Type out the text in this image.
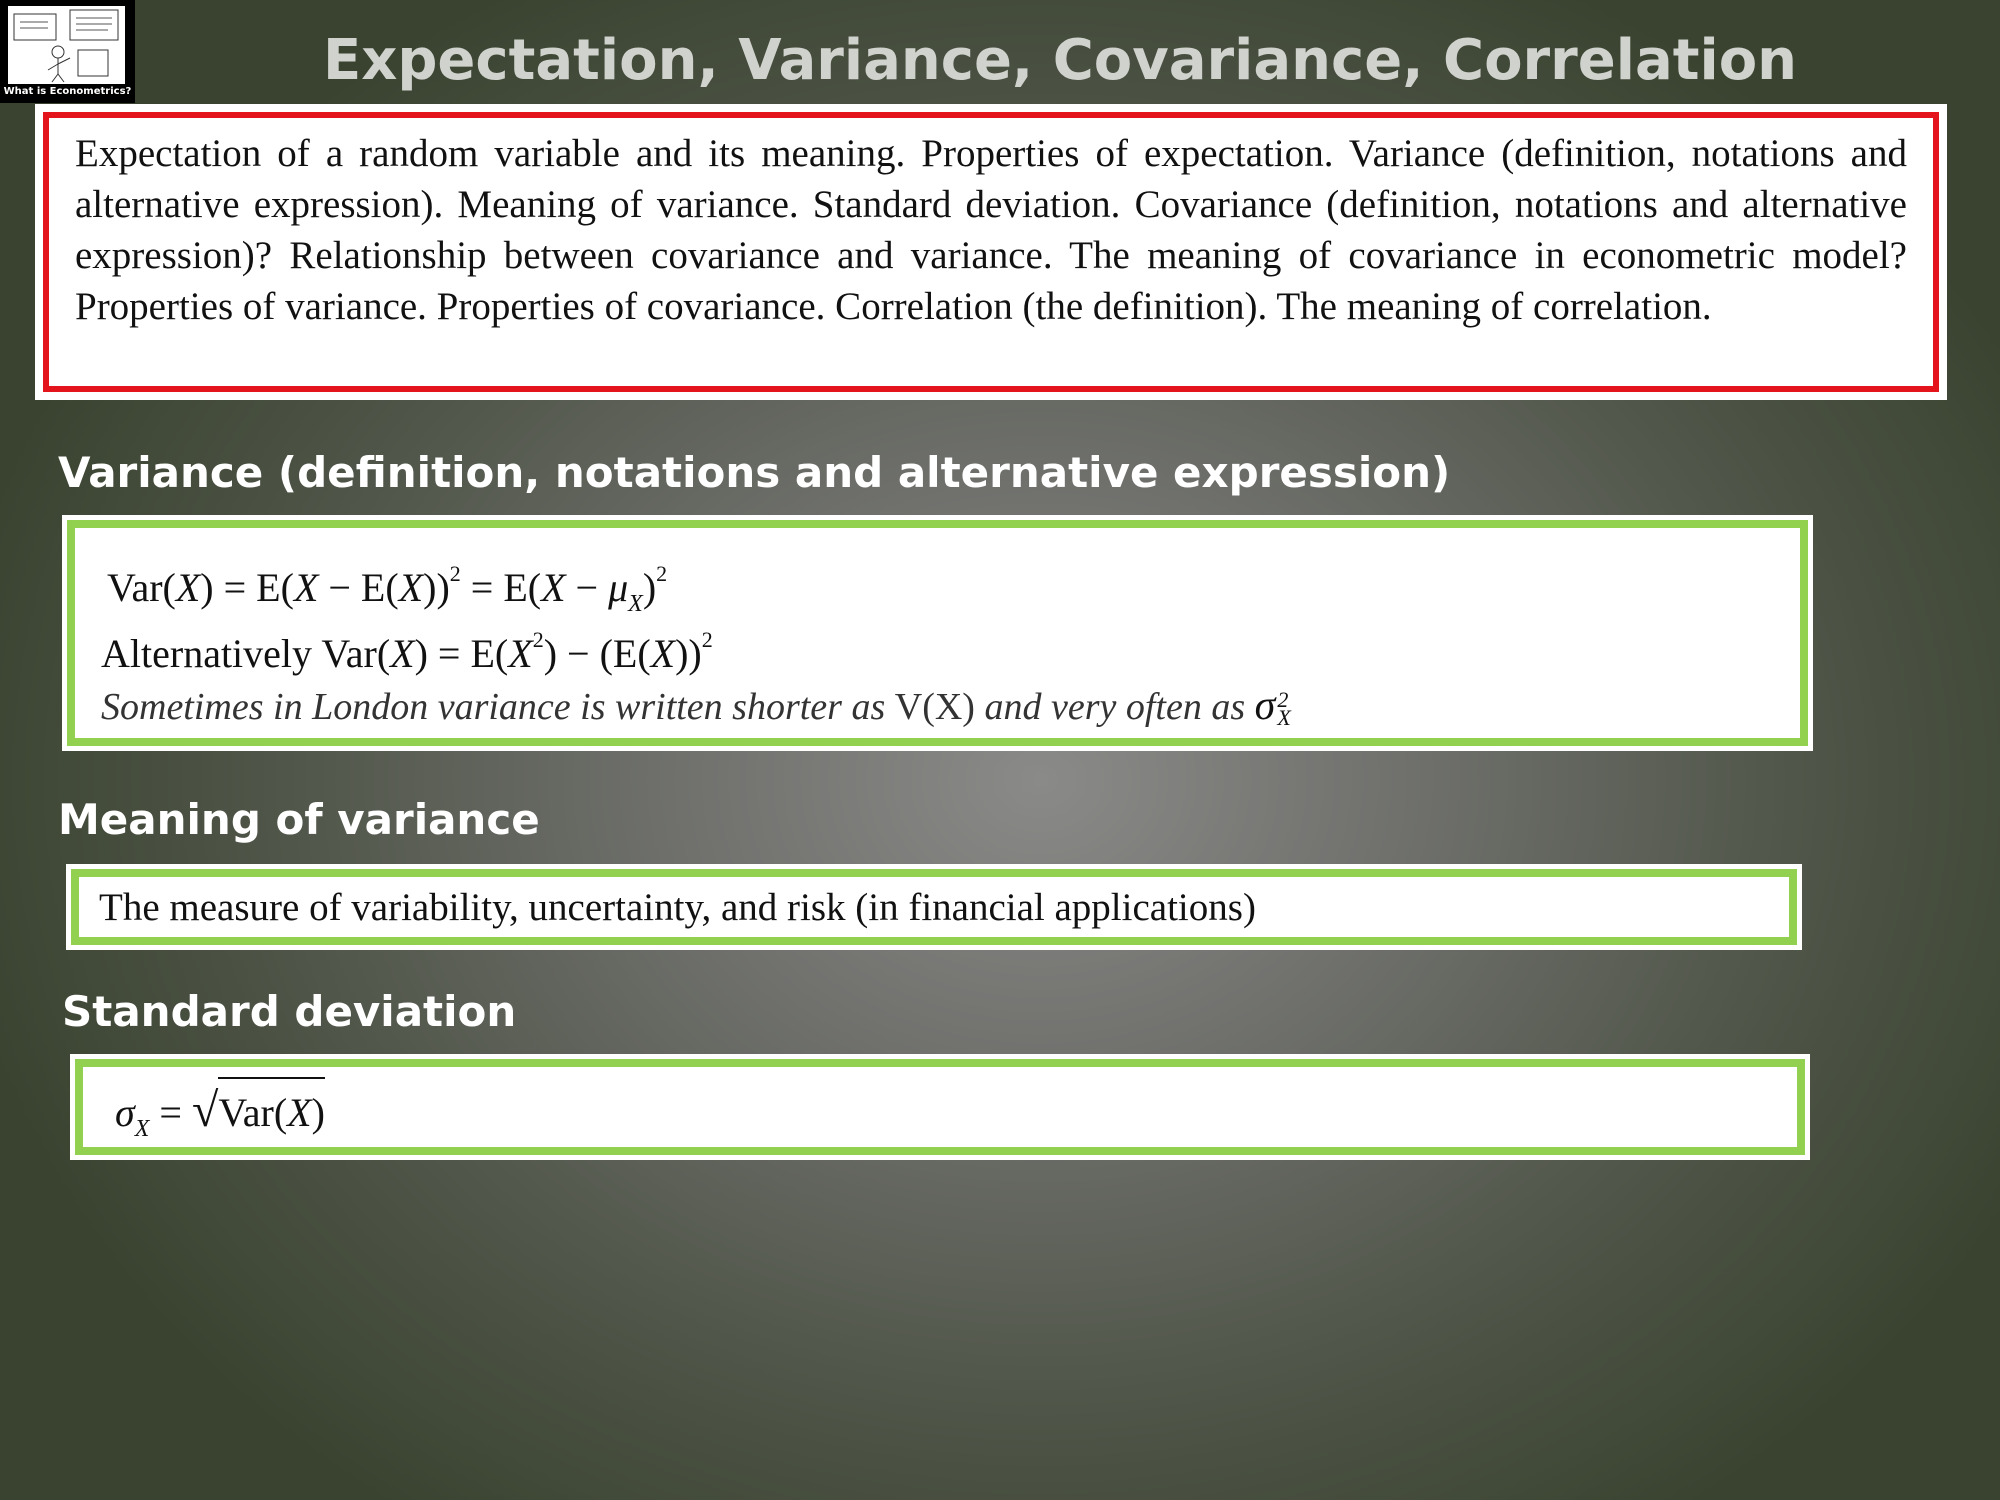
What is Econometrics?	Expectation, Variance, Covariance, Correlation
Expectation of a random variable and its meaning. Properties of expectation. Variance (definition, notations and alternative expression). Meaning of variance. Standard deviation. Covariance (definition, notations and alternative expression)? Relationship between covariance and variance. The meaning of covariance in econometric model? Properties of variance. Properties of covariance. Correlation (the definition). The meaning of correlation.
Variance (definition, notations and alternative expression)
$Var(X) = E(X - E(X))^2 = E(X - \mu_X)^2$
Alternatively $Var(X) = E(X^2) - (E(X))^2$
Sometimes in London variance is written shorter as V(X) and very often as σ 2
X
Meaning of variance
The measure of variability, uncertainty, and risk (in financial applications)
Standard deviation
$\sigma_X = √Var(X)$
